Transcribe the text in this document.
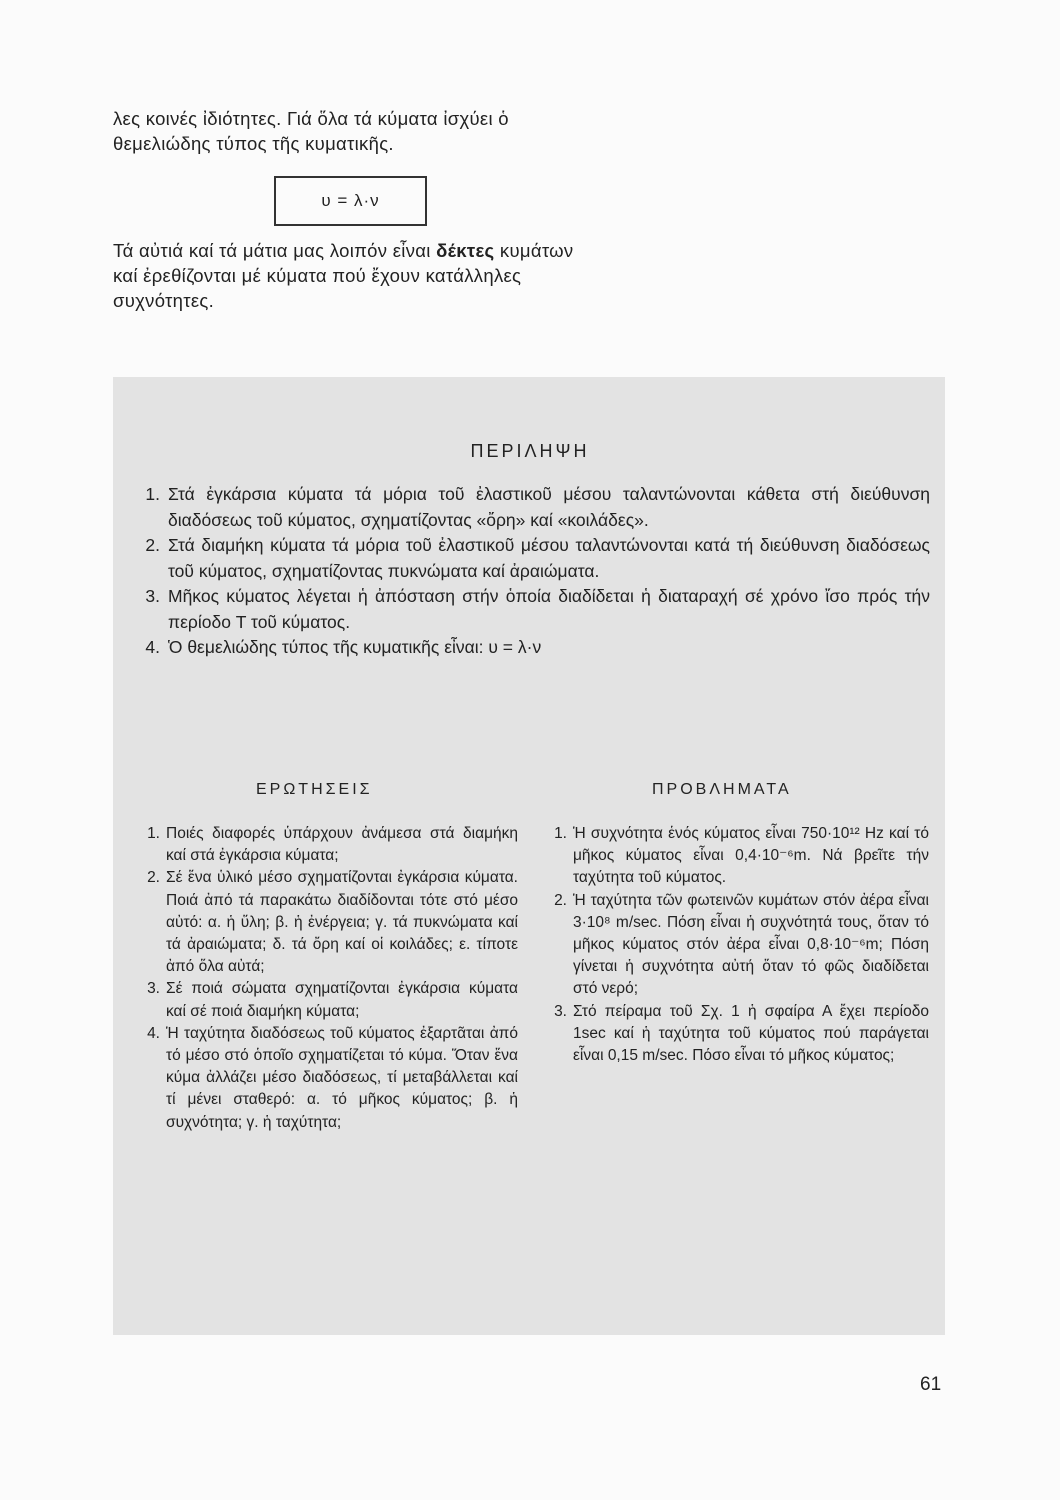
λες κοινές ἰδιότητες. Γιά ὅλα τά κύματα ἰσχύει ὁ θεμελιώδης τύπος τῆς κυματικῆς.

υ = λ·ν

Τά αὐτιά καί τά μάτια μας λοιπόν εἶναι δέκτες κυμάτων καί ἐρεθίζονται μέ κύματα πού ἔχουν κατάλληλες συχνότητες.

ΠΕΡΙΛΗΨΗ
1. Στά ἐγκάρσια κύματα τά μόρια τοῦ ἐλαστικοῦ μέσου ταλαντώνονται κάθετα στή διεύθυνση διαδόσεως τοῦ κύματος, σχηματίζοντας «ὄρη» καί «κοιλάδες».
2. Στά διαμήκη κύματα τά μόρια τοῦ ἐλαστικοῦ μέσου ταλαντώνονται κατά τή διεύθυνση διαδόσεως τοῦ κύματος, σχηματίζοντας πυκνώματα καί ἀραιώματα.
3. Μῆκος κύματος λέγεται ἡ ἀπόσταση στήν ὁποία διαδίδεται ἡ διαταραχή σέ χρόνο ἴσο πρός τήν περίοδο T τοῦ κύματος.
4. Ὁ θεμελιώδης τύπος τῆς κυματικῆς εἶναι: υ = λ·ν
ΕΡΩΤΗΣΕΙΣ	ΠΡΟΒΛΗΜΑΤΑ
1. Ποιές διαφορές ὑπάρχουν ἀνάμεσα στά διαμήκη καί στά ἐγκάρσια κύματα;
2. Σέ ἕνα ὑλικό μέσο σχηματίζονται ἐγκάρσια κύματα. Ποιά ἀπό τά παρακάτω διαδίδονται τότε στό μέσο αὐτό: α. ἡ ὕλη; β. ἡ ἐνέργεια; γ. τά πυκνώματα καί τά ἀραιώματα; δ. τά ὄρη καί οἱ κοιλάδες; ε. τίποτε ἀπό ὅλα αὐτά;
3. Σέ ποιά σώματα σχηματίζονται ἐγκάρσια κύματα καί σέ ποιά διαμήκη κύματα;
4. Ἡ ταχύτητα διαδόσεως τοῦ κύματος ἐξαρτᾶται ἀπό τό μέσο στό ὁποῖο σχηματίζεται τό κύμα. Ὅταν ἕνα κύμα ἀλλάζει μέσο διαδόσεως, τί μεταβάλλεται καί τί μένει σταθερό: α. τό μῆκος κύματος; β. ἡ συχνότητα; γ. ἡ ταχύτητα;
1. Ἡ συχνότητα ἑνός κύματος εἶναι 750·10¹² Hz καί τό μῆκος κύματος εἶναι 0,4·10⁻⁶m. Νά βρεῖτε τήν ταχύτητα τοῦ κύματος.
2. Ἡ ταχύτητα τῶν φωτεινῶν κυμάτων στόν ἀέρα εἶναι 3·10⁸ m/sec. Πόση εἶναι ἡ συχνότητά τους, ὅταν τό μῆκος κύματος στόν ἀέρα εἶναι 0,8·10⁻⁶m; Πόση γίνεται ἡ συχνότητα αὐτή ὅταν τό φῶς διαδίδεται στό νερό;
3. Στό πείραμα τοῦ Σχ. 1 ἡ σφαίρα Α ἔχει περίοδο 1sec καί ἡ ταχύτητα τοῦ κύματος πού παράγεται εἶναι 0,15 m/sec. Πόσο εἶναι τό μῆκος κύματος;
61
